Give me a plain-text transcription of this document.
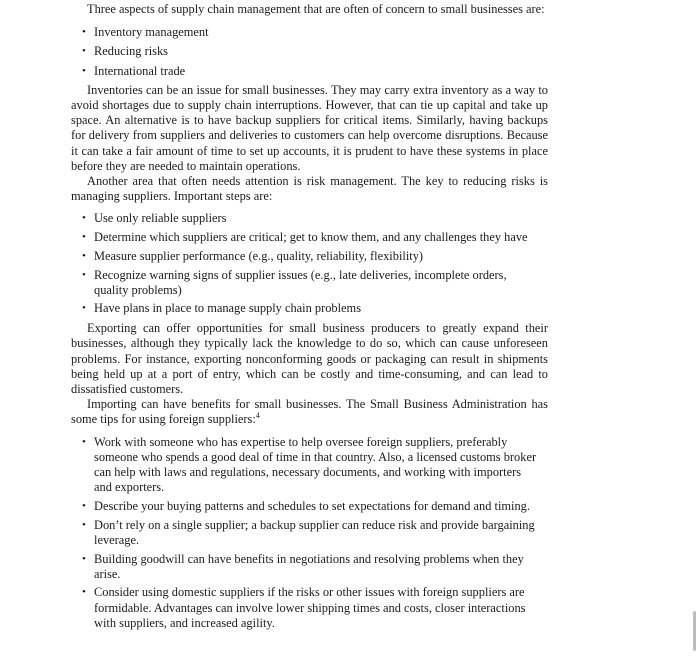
Three aspects of supply chain management that are often of concern to small businesses are:

• Inventory management
• Reducing risks
• International trade

Inventories can be an issue for small businesses. They may carry extra inventory as a way to avoid shortages due to supply chain interruptions. However, that can tie up capital and take up space. An alternative is to have backup suppliers for critical items. Similarly, having backups for delivery from suppliers and deliveries to customers can help overcome disruptions. Because it can take a fair amount of time to set up accounts, it is prudent to have these systems in place before they are needed to maintain operations.

Another area that often needs attention is risk management. The key to reducing risks is managing suppliers. Important steps are:

• Use only reliable suppliers
• Determine which suppliers are critical; get to know them, and any challenges they have
• Measure supplier performance (e.g., quality, reliability, flexibility)
• Recognize warning signs of supplier issues (e.g., late deliveries, incomplete orders, quality problems)
• Have plans in place to manage supply chain problems

Exporting can offer opportunities for small business producers to greatly expand their businesses, although they typically lack the knowledge to do so, which can cause unforeseen problems. For instance, exporting nonconforming goods or packaging can result in shipments being held up at a port of entry, which can be costly and time-consuming, and can lead to dissatisfied customers.

Importing can have benefits for small businesses. The Small Business Administration has some tips for using foreign suppliers:$^4$

• Work with someone who has expertise to help oversee foreign suppliers, preferably someone who spends a good deal of time in that country. Also, a licensed customs broker can help with laws and regulations, necessary documents, and working with importers and exporters.
• Describe your buying patterns and schedules to set expectations for demand and timing.
• Don’t rely on a single supplier; a backup supplier can reduce risk and provide bargaining leverage.
• Building goodwill can have benefits in negotiations and resolving problems when they arise.
• Consider using domestic suppliers if the risks or other issues with foreign suppliers are formidable. Advantages can involve lower shipping times and costs, closer interactions with suppliers, and increased agility.
